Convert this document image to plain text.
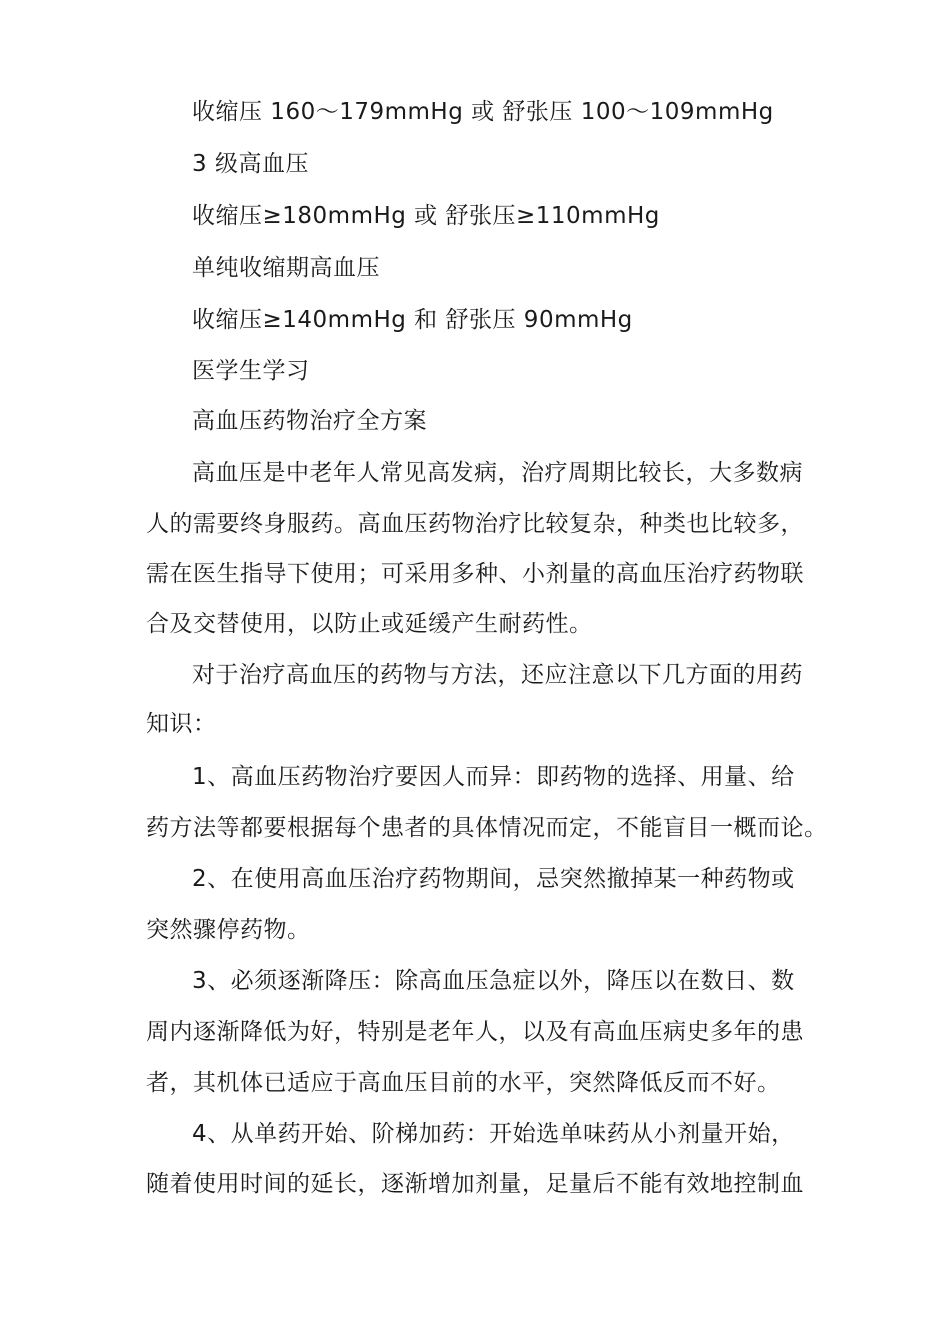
收缩压 160～179mmHg 或 舒张压 100～109mmHg
3 级高血压
收缩压≥180mmHg 或 舒张压≥110mmHg
单纯收缩期高血压
收缩压≥140mmHg 和 舒张压 90mmHg
医学生学习
高血压药物治疗全方案
高血压是中老年人常见高发病，治疗周期比较长，大多数病
人的需要终身服药。高血压药物治疗比较复杂，种类也比较多，
需在医生指导下使用；可采用多种、小剂量的高血压治疗药物联
合及交替使用，以防止或延缓产生耐药性。
对于治疗高血压的药物与方法，还应注意以下几方面的用药
知识：
1、高血压药物治疗要因人而异：即药物的选择、用量、给
药方法等都要根据每个患者的具体情况而定，不能盲目一概而论。
2、在使用高血压治疗药物期间，忌突然撤掉某一种药物或
突然骤停药物。
3、必须逐渐降压：除高血压急症以外，降压以在数日、数
周内逐渐降低为好，特别是老年人，以及有高血压病史多年的患
者，其机体已适应于高血压目前的水平，突然降低反而不好。
4、从单药开始、阶梯加药：开始选单味药从小剂量开始，
随着使用时间的延长，逐渐增加剂量，足量后不能有效地控制血
